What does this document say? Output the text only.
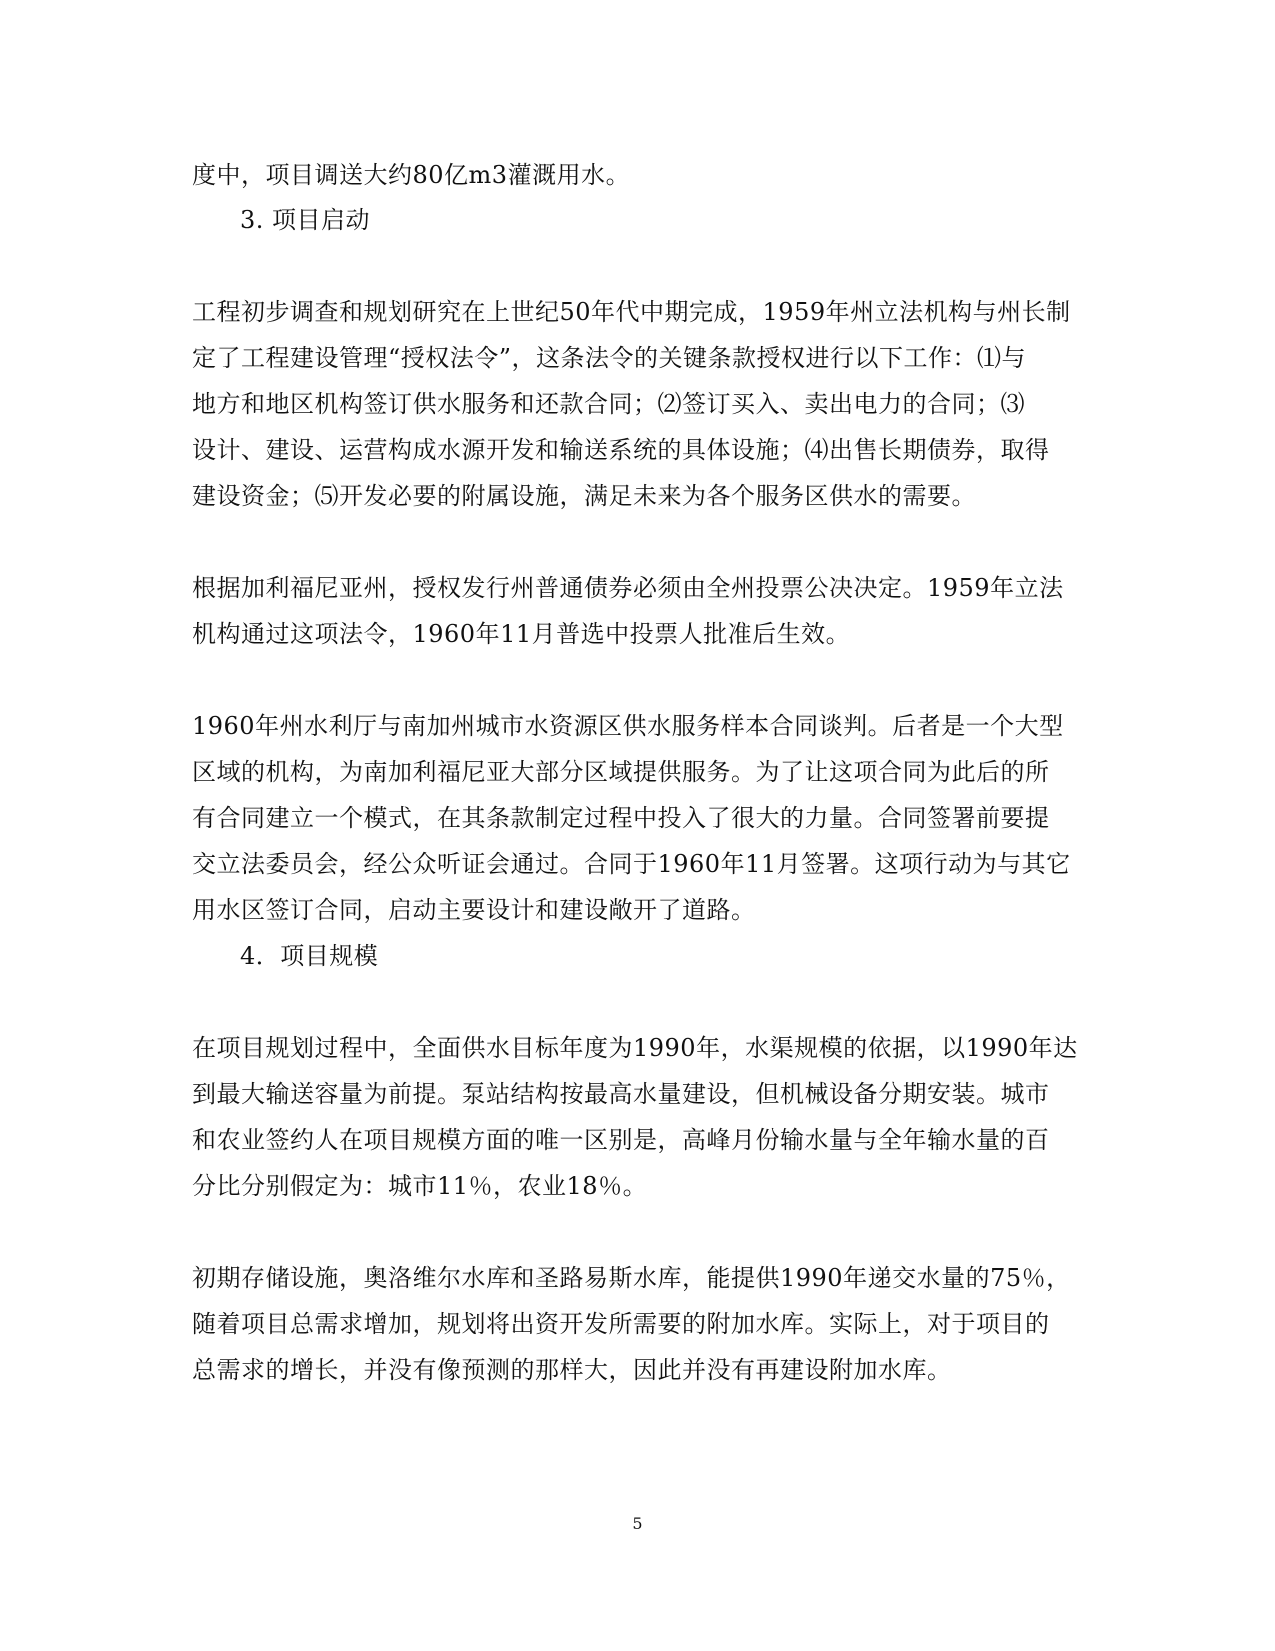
度中，项目调送大约80亿m3灌溉用水。
3. 项目启动
工程初步调查和规划研究在上世纪50年代中期完成，1959年州立法机构与州长制
定了工程建设管理“授权法令”，这条法令的关键条款授权进行以下工作：⑴与
地方和地区机构签订供水服务和还款合同；⑵签订买入、卖出电力的合同；⑶
设计、建设、运营构成水源开发和输送系统的具体设施；⑷出售长期债券，取得
建设资金；⑸开发必要的附属设施，满足未来为各个服务区供水的需要。
根据加利福尼亚州，授权发行州普通债券必须由全州投票公决决定。1959年立法
机构通过这项法令，1960年11月普选中投票人批准后生效。
1960年州水利厅与南加州城市水资源区供水服务样本合同谈判。后者是一个大型
区域的机构，为南加利福尼亚大部分区域提供服务。为了让这项合同为此后的所
有合同建立一个模式，在其条款制定过程中投入了很大的力量。合同签署前要提
交立法委员会，经公众听证会通过。合同于1960年11月签署。这项行动为与其它
用水区签订合同，启动主要设计和建设敞开了道路。
4．项目规模
在项目规划过程中，全面供水目标年度为1990年，水渠规模的依据，以1990年达
到最大输送容量为前提。泵站结构按最高水量建设，但机械设备分期安装。城市
和农业签约人在项目规模方面的唯一区别是，高峰月份输水量与全年输水量的百
分比分别假定为：城市11％，农业18％。
初期存储设施，奥洛维尔水库和圣路易斯水库，能提供1990年递交水量的75％，
随着项目总需求增加，规划将出资开发所需要的附加水库。实际上，对于项目的
总需求的增长，并没有像预测的那样大，因此并没有再建设附加水库。
5
